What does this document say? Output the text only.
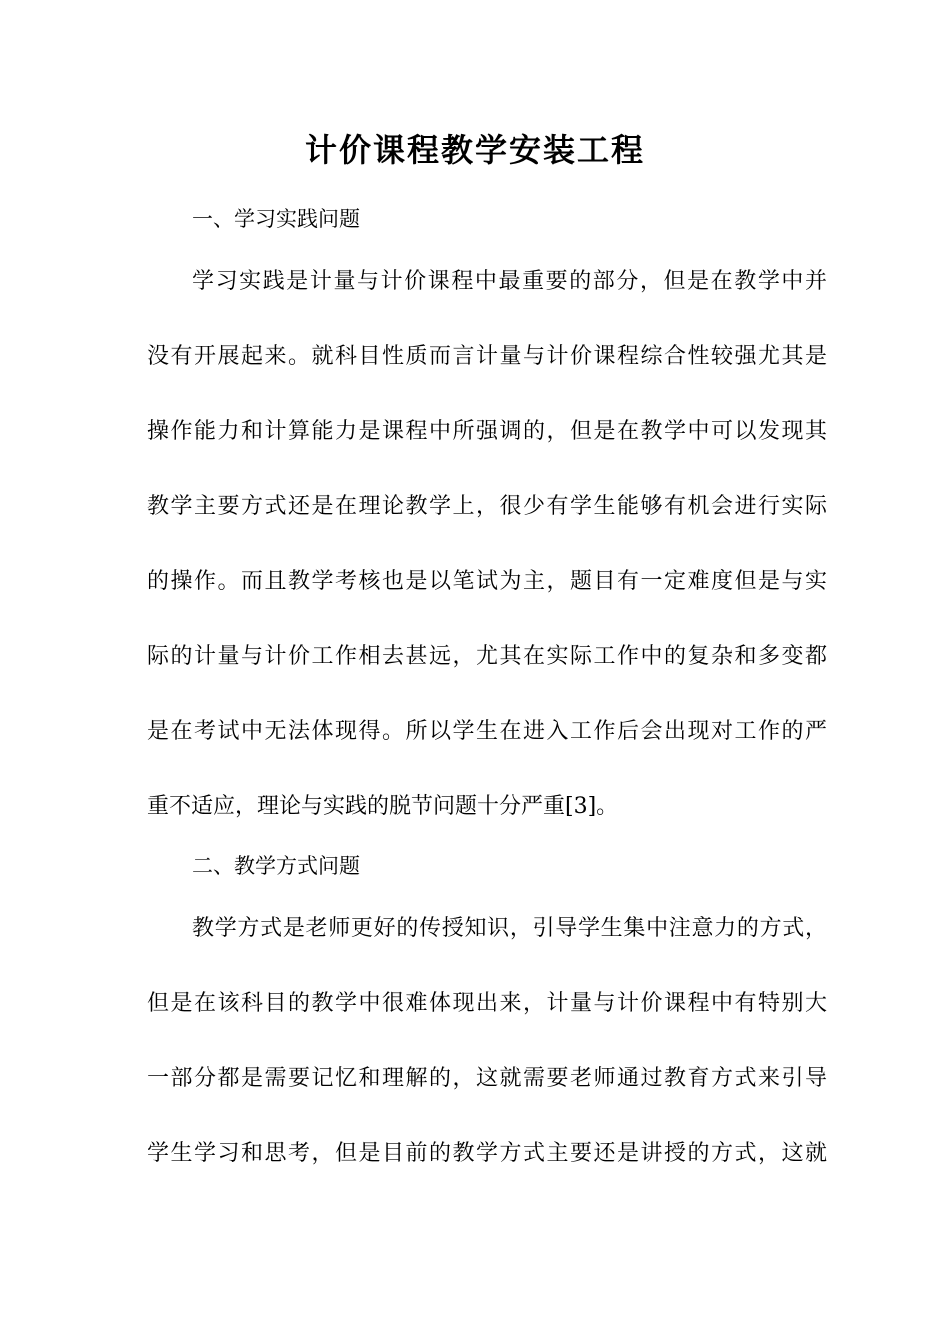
计价课程教学安装工程

一、学习实践问题

学习实践是计量与计价课程中最重要的部分，但是在教学中并

没有开展起来。就科目性质而言计量与计价课程综合性较强尤其是

操作能力和计算能力是课程中所强调的，但是在教学中可以发现其

教学主要方式还是在理论教学上，很少有学生能够有机会进行实际

的操作。而且教学考核也是以笔试为主，题目有一定难度但是与实

际的计量与计价工作相去甚远，尤其在实际工作中的复杂和多变都

是在考试中无法体现得。所以学生在进入工作后会出现对工作的严

重不适应，理论与实践的脱节问题十分严重[3]。

二、教学方式问题

教学方式是老师更好的传授知识，引导学生集中注意力的方式，

但是在该科目的教学中很难体现出来，计量与计价课程中有特别大

一部分都是需要记忆和理解的，这就需要老师通过教育方式来引导

学生学习和思考，但是目前的教学方式主要还是讲授的方式，这就
